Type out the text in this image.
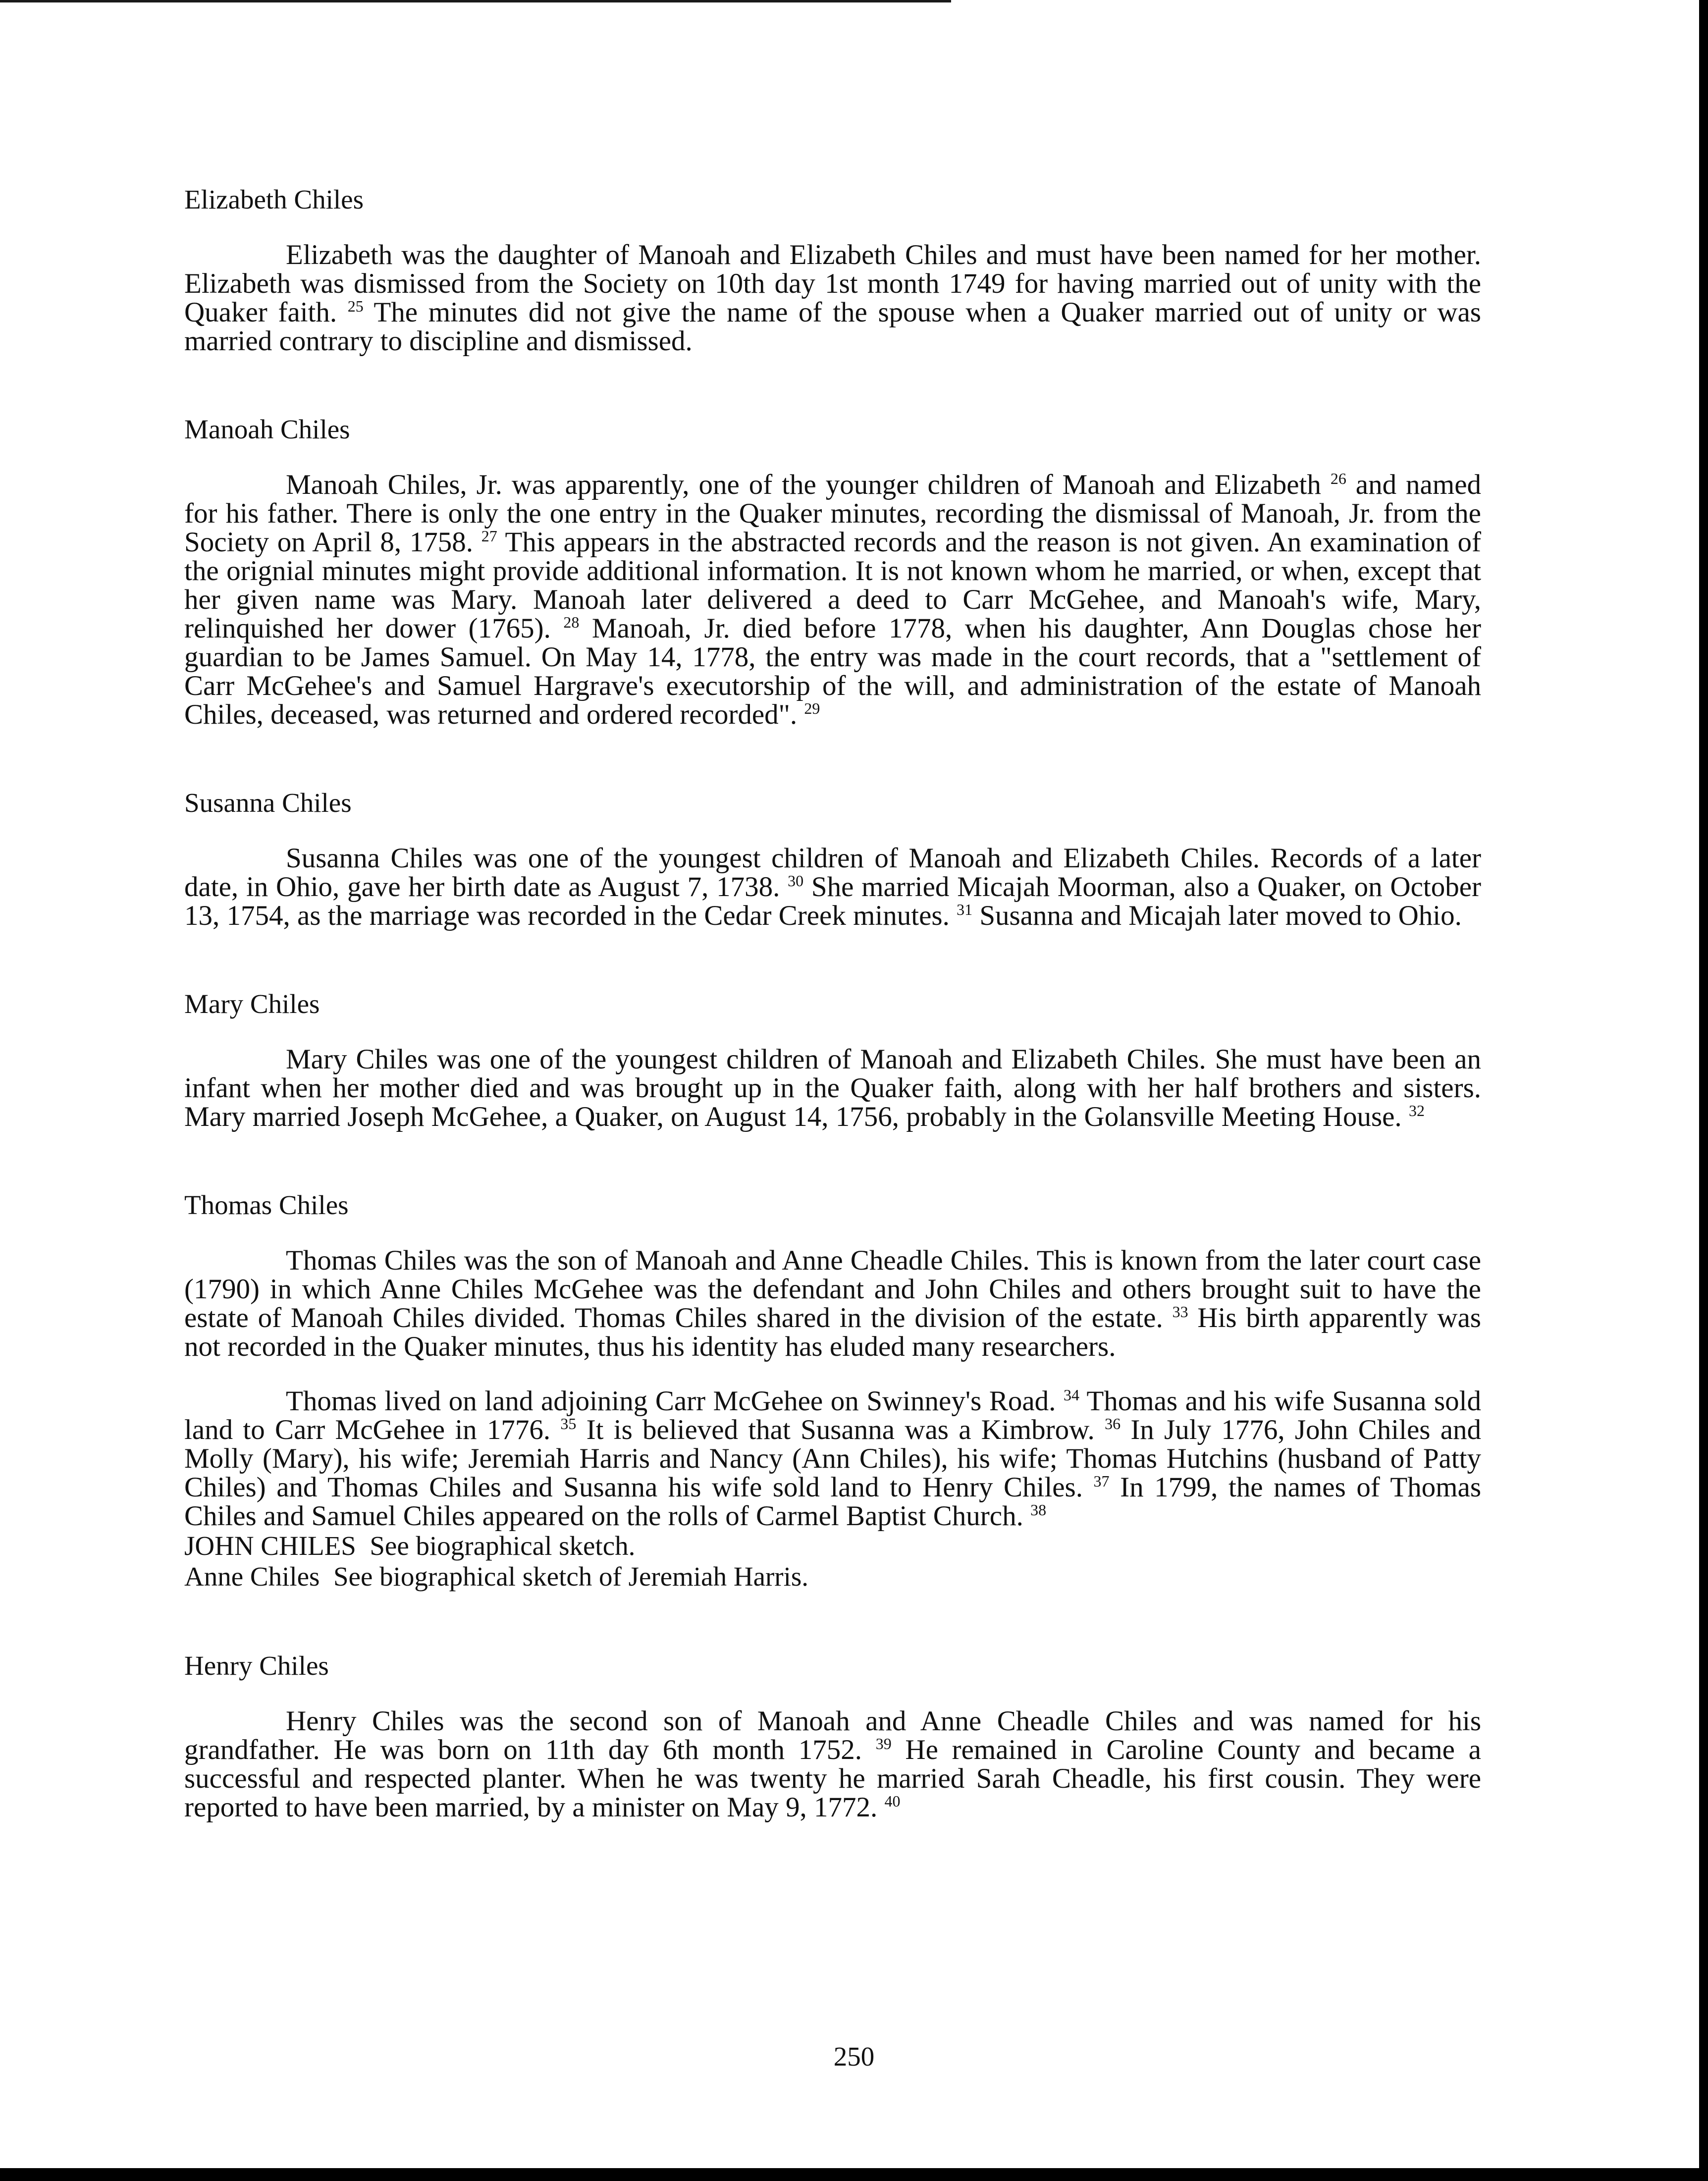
Elizabeth Chiles

Elizabeth was the daughter of Manoah and Elizabeth Chiles and must have been named for her mother. Elizabeth was dismissed from the Society on 10th day 1st month 1749 for having married out of unity with the Quaker faith. $^{25}$ The minutes did not give the name of the spouse when a Quaker married out of unity or was married contrary to discipline and dismissed.

Manoah Chiles

Manoah Chiles, Jr. was apparently, one of the younger children of Manoah and Elizabeth $^{26}$ and named for his father. There is only the one entry in the Quaker minutes, recording the dismissal of Manoah, Jr. from the Society on April 8, 1758. $^{27}$ This appears in the abstracted records and the reason is not given. An examination of the orignial minutes might provide additional information. It is not known whom he married, or when, except that her given name was Mary. Manoah later delivered a deed to Carr McGehee, and Manoah's wife, Mary, relinquished her dower (1765). $^{28}$ Manoah, Jr. died before 1778, when his daughter, Ann Douglas chose her guardian to be James Samuel. On May 14, 1778, the entry was made in the court records, that a "settlement of Carr McGehee's and Samuel Hargrave's executorship of the will, and administration of the estate of Manoah Chiles, deceased, was returned and ordered recorded". $^{29}$

Susanna Chiles

Susanna Chiles was one of the youngest children of Manoah and Elizabeth Chiles. Records of a later date, in Ohio, gave her birth date as August 7, 1738. $^{30}$ She married Micajah Moorman, also a Quaker, on October 13, 1754, as the marriage was recorded in the Cedar Creek minutes. $^{31}$ Susanna and Micajah later moved to Ohio.

Mary Chiles

Mary Chiles was one of the youngest children of Manoah and Elizabeth Chiles. She must have been an infant when her mother died and was brought up in the Quaker faith, along with her half brothers and sisters. Mary married Joseph McGehee, a Quaker, on August 14, 1756, probably in the Golansville Meeting House. $^{32}$

Thomas Chiles

Thomas Chiles was the son of Manoah and Anne Cheadle Chiles. This is known from the later court case (1790) in which Anne Chiles McGehee was the defendant and John Chiles and others brought suit to have the estate of Manoah Chiles divided. Thomas Chiles shared in the division of the estate. $^{33}$ His birth apparently was not recorded in the Quaker minutes, thus his identity has eluded many researchers.

Thomas lived on land adjoining Carr McGehee on Swinney's Road. $^{34}$ Thomas and his wife Susanna sold land to Carr McGehee in 1776. $^{35}$ It is believed that Susanna was a Kimbrow. $^{36}$ In July 1776, John Chiles and Molly (Mary), his wife; Jeremiah Harris and Nancy (Ann Chiles), his wife; Thomas Hutchins (husband of Patty Chiles) and Thomas Chiles and Susanna his wife sold land to Henry Chiles. $^{37}$ In 1799, the names of Thomas Chiles and Samuel Chiles appeared on the rolls of Carmel Baptist Church. $^{38}$

JOHN CHILES See biographical sketch.

Anne Chiles See biographical sketch of Jeremiah Harris.

Henry Chiles

Henry Chiles was the second son of Manoah and Anne Cheadle Chiles and was named for his grandfather. He was born on 11th day 6th month 1752. $^{39}$ He remained in Caroline County and became a successful and respected planter. When he was twenty he married Sarah Cheadle, his first cousin. They were reported to have been married, by a minister on May 9, 1772. $^{40}$

250
